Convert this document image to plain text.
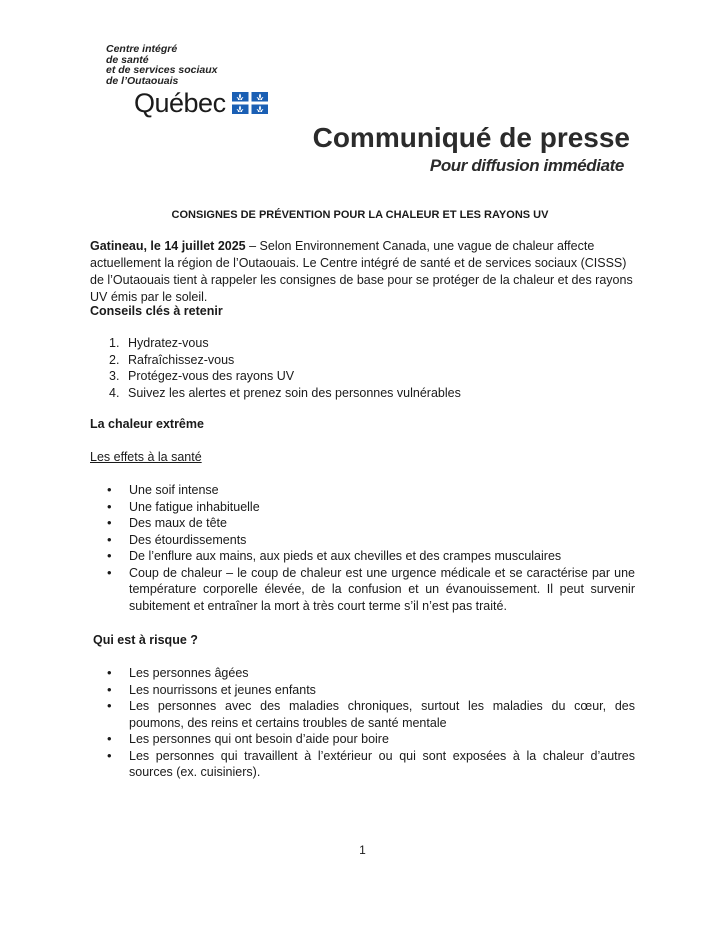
Centre intégré
de santé
et de services sociaux
de l’Outaouais
Québec
Communiqué de presse
Pour diffusion immédiate
CONSIGNES DE PRÉVENTION POUR LA CHALEUR ET LES RAYONS UV
Gatineau, le 14 juillet 2025 – Selon Environnement Canada, une vague de chaleur affecte actuellement la région de l’Outaouais. Le Centre intégré de santé et de services sociaux (CISSS) de l’Outaouais tient à rappeler les consignes de base pour se protéger de la chaleur et des rayons UV émis par le soleil.
Conseils clés à retenir
Hydratez-vous
Rafraîchissez-vous
Protégez-vous des rayons UV
Suivez les alertes et prenez soin des personnes vulnérables
La chaleur extrême
Les effets à la santé
• Une soif intense
• Une fatigue inhabituelle
• Des maux de tête
• Des étourdissements
• De l’enflure aux mains, aux pieds et aux chevilles et des crampes musculaires
• Coup de chaleur – le coup de chaleur est une urgence médicale et se caractérise par une température corporelle élevée, de la confusion et un évanouissement. Il peut survenir subitement et entraîner la mort à très court terme s’il n’est pas traité.
Qui est à risque ?
• Les personnes âgées
• Les nourrissons et jeunes enfants
• Les personnes avec des maladies chroniques, surtout les maladies du cœur, des poumons, des reins et certains troubles de santé mentale
• Les personnes qui ont besoin d’aide pour boire
• Les personnes qui travaillent à l’extérieur ou qui sont exposées à la chaleur d’autres sources (ex. cuisiniers).
1
